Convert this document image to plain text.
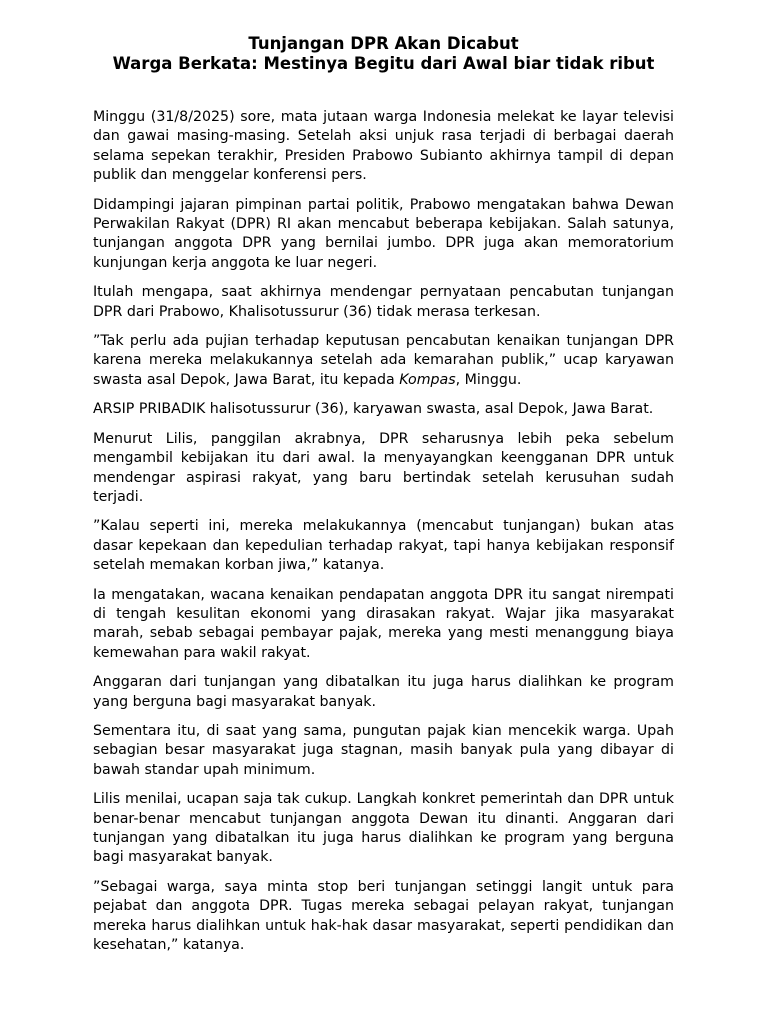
Tunjangan DPR Akan Dicabut
Warga Berkata: Mestinya Begitu dari Awal biar tidak ribut

Minggu (31/8/2025) sore, mata jutaan warga Indonesia melekat ke layar televisi dan gawai masing-masing. Setelah aksi unjuk rasa terjadi di berbagai daerah selama sepekan terakhir, Presiden Prabowo Subianto akhirnya tampil di depan publik dan menggelar konferensi pers.

Didampingi jajaran pimpinan partai politik, Prabowo mengatakan bahwa Dewan Perwakilan Rakyat (DPR) RI akan mencabut beberapa kebijakan. Salah satunya, tunjangan anggota DPR yang bernilai jumbo. DPR juga akan memoratorium kunjungan kerja anggota ke luar negeri.

Itulah mengapa, saat akhirnya mendengar pernyataan pencabutan tunjangan DPR dari Prabowo, Khalisotussurur (36) tidak merasa terkesan.

”Tak perlu ada pujian terhadap keputusan pencabutan kenaikan tunjangan DPR karena mereka melakukannya setelah ada kemarahan publik,” ucap karyawan swasta asal Depok, Jawa Barat, itu kepada Kompas, Minggu.

ARSIP PRIBADIK halisotussurur (36), karyawan swasta, asal Depok, Jawa Barat.

Menurut Lilis, panggilan akrabnya, DPR seharusnya lebih peka sebelum mengambil kebijakan itu dari awal. Ia menyayangkan keengganan DPR untuk mendengar aspirasi rakyat, yang baru bertindak setelah kerusuhan sudah terjadi.

”Kalau seperti ini, mereka melakukannya (mencabut tunjangan) bukan atas dasar kepekaan dan kepedulian terhadap rakyat, tapi hanya kebijakan responsif setelah memakan korban jiwa,” katanya.

Ia mengatakan, wacana kenaikan pendapatan anggota DPR itu sangat nirempati di tengah kesulitan ekonomi yang dirasakan rakyat. Wajar jika masyarakat marah, sebab sebagai pembayar pajak, mereka yang mesti menanggung biaya kemewahan para wakil rakyat.

Anggaran dari tunjangan yang dibatalkan itu juga harus dialihkan ke program yang berguna bagi masyarakat banyak.

Sementara itu, di saat yang sama, pungutan pajak kian mencekik warga. Upah sebagian besar masyarakat juga stagnan, masih banyak pula yang dibayar di bawah standar upah minimum.

Lilis menilai, ucapan saja tak cukup. Langkah konkret pemerintah dan DPR untuk benar-benar mencabut tunjangan anggota Dewan itu dinanti. Anggaran dari tunjangan yang dibatalkan itu juga harus dialihkan ke program yang berguna bagi masyarakat banyak.

”Sebagai warga, saya minta stop beri tunjangan setinggi langit untuk para pejabat dan anggota DPR. Tugas mereka sebagai pelayan rakyat, tunjangan mereka harus dialihkan untuk hak-hak dasar masyarakat, seperti pendidikan dan kesehatan,” katanya.
